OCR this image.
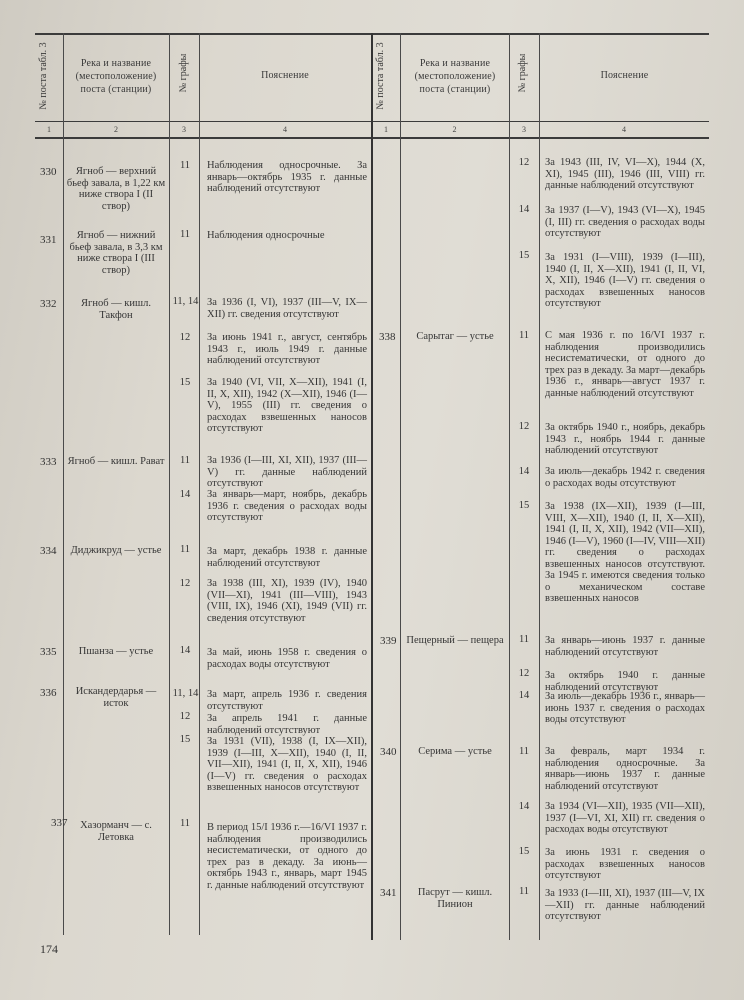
№ поста табл. 3	Река и название (местоположение) поста (станции)	№ графы	Пояснение	№ поста табл. 3	Река и название (местоположение) поста (станции)	№ графы	Пояснение
1	2	3	4	1	2	3	4
330	Ягноб — верхний бьеф завала, в 1,22 км ниже створа I (II створ)
11	Наблюдения односрочные. За январь—октябрь 1935 г. данные наблюдений отсутствуют
331	Ягноб — нижний бьеф завала, в 3,3 км ниже створа I (III створ)
11	Наблюдения односрочные
332	Ягноб — кишл. Такфон
11, 14 За 1936 (I, VI), 1937 (III—V, IX—XII) гг. сведения отсутствуют
12	За июнь 1941 г., август, сентябрь 1943 г., июль 1949 г. данные наблюдений отсутствуют
15	За 1940 (VI, VII, X—XII), 1941 (I, II, X, XII), 1942 (X—XII), 1946 (I—V), 1955 (III) гг. сведения о расходах взвешенных наносов отсутствуют
333 Ягноб — кишл. Рават	11	За 1936 (I—III, XI, XII), 1937 (III—V) гг. данные наблюдений отсутствуют
14	За январь—март, ноябрь, декабрь 1936 г. сведения о расходах воды отсутствуют
334	Диджикруд — устье	11	За март, декабрь 1938 г. данные наблюдений отсутствуют
12	За 1938 (III, XI), 1939 (IV), 1940 (VII—XI), 1941 (III—VIII), 1943 (VIII, IX), 1946 (XI), 1949 (VII) гг. сведения отсутствуют
335	Пшанза — устье	14	За май, июнь 1958 г. сведения о расходах воды отсутствуют
336	Искандердарья — исток
11, 14 За март, апрель 1936 г. сведения отсутствуют
12	За апрель 1941 г. данные наблюдений отсутствуют
15	За 1931 (VII), 1938 (I, IX—XII), 1939 (I—III, X—XII), 1940 (I, II, VII—XII), 1941 (I, II, X, XII), 1946 (I—V) гг. сведения о расходах взвешенных наносов отсутствуют
337	Хазорманч — с. Летовка
11	В период 15/I 1936 г.—16/VI 1937 г. наблюдения производились несистематически, от одного до трех раз в декаду. За июнь—октябрь 1943 г., январь, март 1945 г. данные наблюдений отсутствуют
12	За 1943 (III, IV, VI—X), 1944 (X, XI), 1945 (III), 1946 (III, VIII) гг. данные наблюдений отсутствуют
14	За 1937 (I—V), 1943 (VI—X), 1945 (I, III) гг. сведения о расходах воды отсутствуют
15	За 1931 (I—VIII), 1939 (I—III), 1940 (I, II, X—XII), 1941 (I, II, VI, X, XII), 1946 (I—V) гг. сведения о расходах взвешенных наносов отсутствуют
338	Сарытаг — устье	11	С мая 1936 г. по 16/VI 1937 г. наблюдения производились несистематически, от одного до трех раз в декаду. За март—декабрь 1936 г., январь—август 1937 г. данные наблюдений отсутствуют
12	За октябрь 1940 г., ноябрь, декабрь 1943 г., ноябрь 1944 г. данные наблюдений отсутствуют
14	За июль—декабрь 1942 г. сведения о расходах воды отсутствуют
15	За 1938 (IX—XII), 1939 (I—III, VIII, X—XII), 1940 (I, II, X—XII), 1941 (I, II, X, XII), 1942 (VII—XII), 1946 (I—V), 1960 (I—IV, VIII—XII) гг. сведения о расходах взвешенных наносов отсутствуют. За 1945 г. имеются сведения только о механическом составе взвешенных наносов
339 Пещерный — пещера	11	За январь—июнь 1937 г. данные наблюдений отсутствуют
12	За октябрь 1940 г. данные наблюдений отсутствуют
14	За июль—декабрь 1936 г., январь—июнь 1937 г. сведения о расходах воды отсутствуют
340	Серима — устье	11	За февраль, март 1934 г. наблюдения односрочные. За январь—июнь 1937 г. данные наблюдений отсутствуют
14	За 1934 (VI—XII), 1935 (VII—XII), 1937 (I—VI, XI, XII) гг. сведения о расходах воды отсутствуют
15	За июнь 1931 г. сведения о расходах взвешенных наносов отсутствуют
341	Пасрут — кишл. Пинион
11	За 1933 (I—III, XI), 1937 (III—V, IX—XII) гг. данные наблюдений отсутствуют
174
